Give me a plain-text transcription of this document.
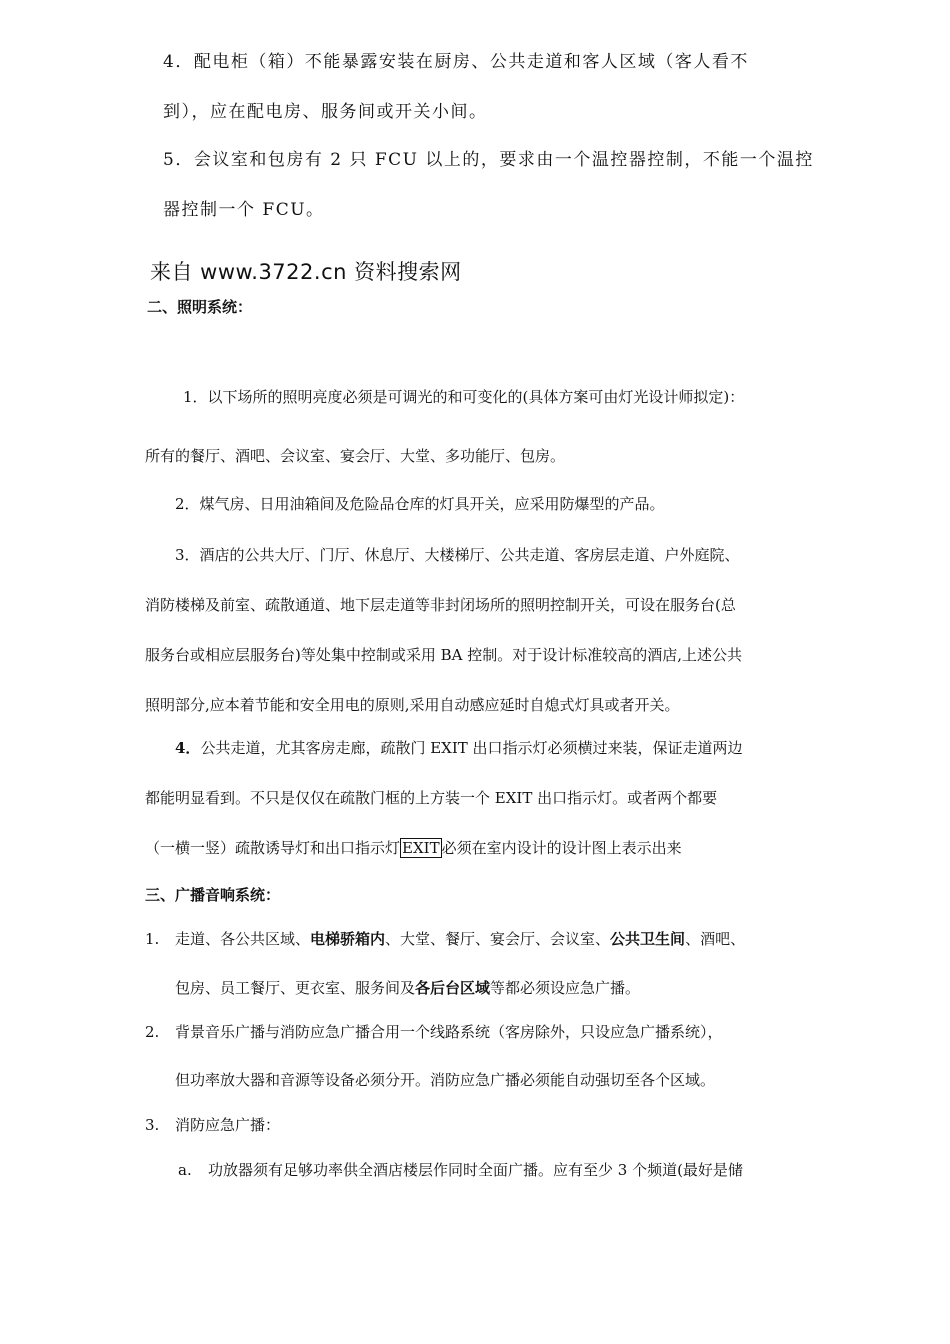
4．配电柜（箱）不能暴露安装在厨房、公共走道和客人区域（客人看不
到），应在配电房、服务间或开关小间。
5．会议室和包房有 2 只 FCU 以上的，要求由一个温控器控制，不能一个温控
器控制一个 FCU。
来自 www.3722.cn 资料搜索网
二、照明系统：
1．以下场所的照明亮度必须是可调光的和可变化的(具体方案可由灯光设计师拟定)：
所有的餐厅、酒吧、会议室、宴会厅、大堂、多功能厅、包房。
2．煤气房、日用油箱间及危险品仓库的灯具开关，应采用防爆型的产品。
3．酒店的公共大厅、门厅、休息厅、大楼梯厅、公共走道、客房层走道、户外庭院、
消防楼梯及前室、疏散通道、地下层走道等非封闭场所的照明控制开关，可设在服务台(总
服务台或相应层服务台)等处集中控制或采用 BA 控制。对于设计标准较高的酒店,上述公共
照明部分,应本着节能和安全用电的原则,采用自动感应延时自熄式灯具或者开关。
4．公共走道，尤其客房走廊，疏散门 EXIT 出口指示灯必须横过来装，保证走道两边
都能明显看到。不只是仅仅在疏散门框的上方装一个 EXIT 出口指示灯。或者两个都要
（一横一竖）疏散诱导灯和出口指示灯 EXIT 必须在室内设计的设计图上表示出来
三、广播音响系统：
1. 走道、各公共区域、电梯骄箱内、大堂、餐厅、宴会厅、会议室、公共卫生间、酒吧、
包房、员工餐厅、更衣室、服务间及各后台区域等都必须设应急广播。
2. 背景音乐广播与消防应急广播合用一个线路系统（客房除外，只设应急广播系统），
但功率放大器和音源等设备必须分开。消防应急广播必须能自动强切至各个区域。
3. 消防应急广播：
a. 功放器须有足够功率供全酒店楼层作同时全面广播。应有至少 3 个频道(最好是储
